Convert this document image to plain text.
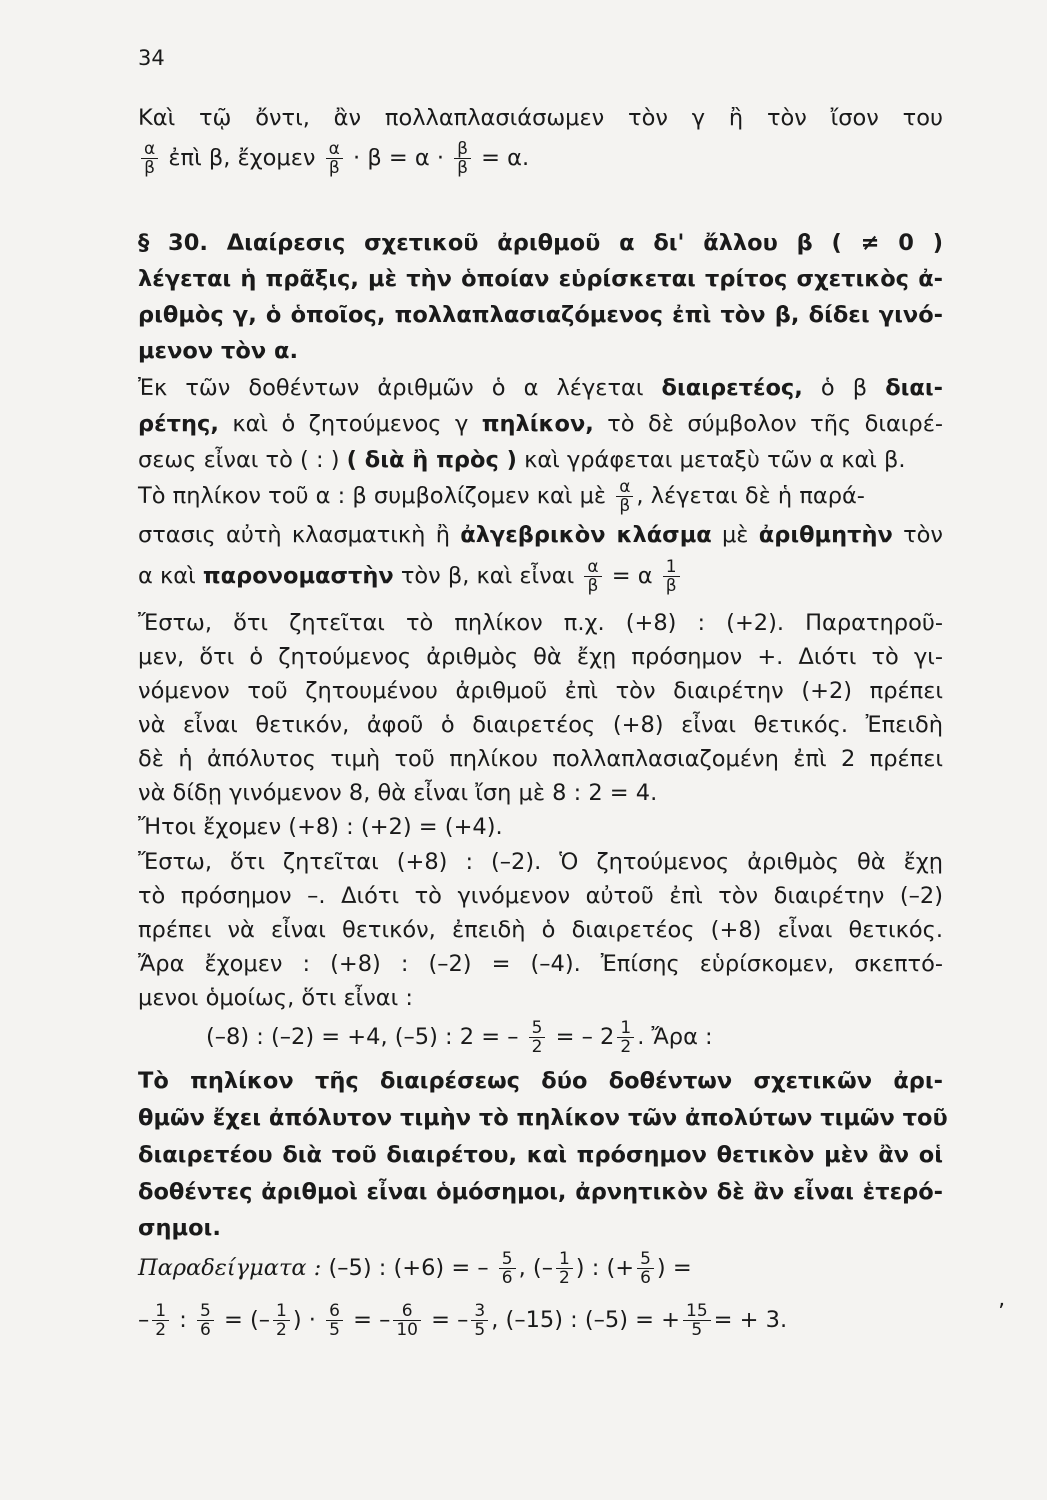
34
Καὶ τῷ ὄντι, ἂν πολλαπλασιάσωμεν τὸν γ ἢ τὸν ἴσον του
$\frac{\alpha}{\beta}$ ἐπὶ β, ἔχομεν $\frac{\alpha}{\beta} \cdot \beta = \alpha \cdot \frac{\beta}{\beta} = \alpha$.
§ 30. Διαίρεσις σχετικοῦ ἀριθμοῦ α δι' ἄλλου β ( ≠ 0 )
λέγεται ἡ πρᾶξις, μὲ τὴν ὁποίαν εὑρίσκεται τρίτος σχετικὸς ἀ-
ριθμὸς γ, ὁ ὁποῖος, πολλαπλασιαζόμενος ἐπὶ τὸν β, δίδει γινό-
μενον τὸν α.
Ἐκ τῶν δοθέντων ἀριθμῶν ὁ α λέγεται διαιρετέος, ὁ β διαι-
ρέτης, καὶ ὁ ζητούμενος γ πηλίκον, τὸ δὲ σύμβολον τῆς διαιρέ-
σεως εἶναι τὸ ( : ) ( διὰ ἢ πρὸς ) καὶ γράφεται μεταξὺ τῶν α καὶ β.
Τὸ πηλίκον τοῦ α : β συμβολίζομεν καὶ μὲ $\frac{\alpha}{\beta}$ , λέγεται δὲ ἡ παρά-
στασις αὐτὴ κλασματικὴ ἢ ἀλγεβρικὸν κλάσμα μὲ ἀριθμητὴν τὸν
α καὶ παρονομαστὴν τὸν β, καὶ εἶναι $\frac{\alpha}{\beta} = \alpha \frac{1}{\beta}$
Ἔστω, ὅτι ζητεῖται τὸ πηλίκον π.χ. (+8) : (+2). Παρατηροῦ-
μεν, ὅτι ὁ ζητούμενος ἀριθμὸς θὰ ἔχῃ πρόσημον +. Διότι τὸ γι-
νόμενον τοῦ ζητουμένου ἀριθμοῦ ἐπὶ τὸν διαιρέτην (+2) πρέπει
νὰ εἶναι θετικόν, ἀφοῦ ὁ διαιρετέος (+8) εἶναι θετικός. Ἐπειδὴ
δὲ ἡ ἀπόλυτος τιμὴ τοῦ πηλίκου πολλαπλασιαζομένη ἐπὶ 2 πρέπει
νὰ δίδῃ γινόμενον 8, θὰ εἶναι ἴση μὲ 8 : 2 = 4.
Ἤτοι ἔχομεν (+8) : (+2) = (+4).
Ἔστω, ὅτι ζητεῖται (+8) : (–2). Ὁ ζητούμενος ἀριθμὸς θὰ ἔχῃ
τὸ πρόσημον –. Διότι τὸ γινόμενον αὐτοῦ ἐπὶ τὸν διαιρέτην (–2)
πρέπει νὰ εἶναι θετικόν, ἐπειδὴ ὁ διαιρετέος (+8) εἶναι θετικός.
Ἄρα ἔχομεν : (+8) : (–2) = (–4). Ἐπίσης εὑρίσκομεν, σκεπτό-
μενοι ὁμοίως, ὅτι εἶναι :
(–8) : (–2) = +4, (–5) : 2 = – $\frac{5}{2}$ = – $2 \frac{1}{2}$ . Ἄρα :
Τὸ πηλίκον τῆς διαιρέσεως δύο δοθέντων σχετικῶν ἀρι-
θμῶν ἔχει ἀπόλυτον τιμὴν τὸ πηλίκον τῶν ἀπολύτων τιμῶν τοῦ
διαιρετέου διὰ τοῦ διαιρέτου, καὶ πρόσημον θετικὸν μὲν ἂν οἱ
δοθέντες ἀριθμοὶ εἶναι ὁμόσημοι, ἀρνητικὸν δὲ ἂν εἶναι ἑτερό-
σημοι.
Παραδείγματα : (–5) : (+6) = – $\frac{5}{6}$ , (– $\frac{1}{2}$ ) : (+ $\frac{5}{6}$ ) =
– $\frac{1}{2}$ : $\frac{5}{6}$ = (– $\frac{1}{2}$ ) · $\frac{6}{5}$ = – $\frac{6}{10}$ = – $\frac{3}{5}$ , (–15) : (–5) = + $\frac{15}{5}$ = + 3.	ʼ
